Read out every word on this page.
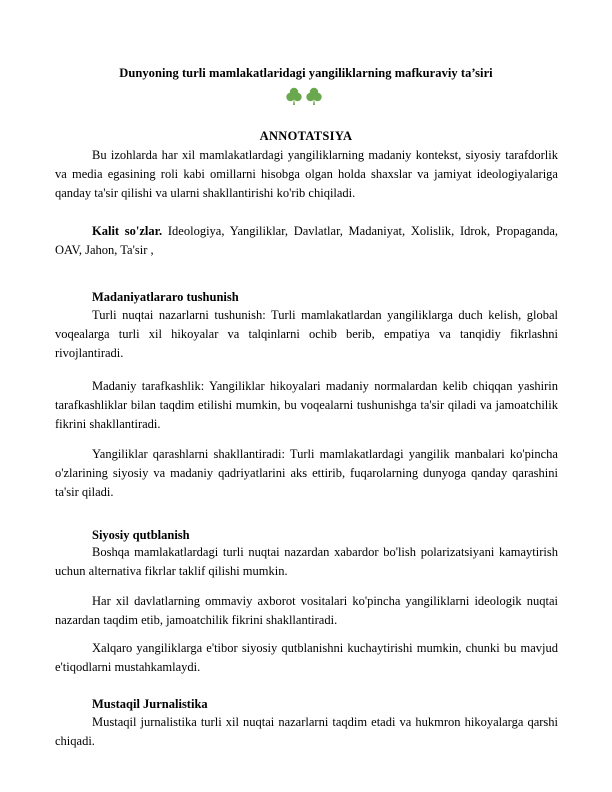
Dunyoning turli mamlakatlaridagi yangiliklarning mafkuraviy ta’siri
ANNOTATSIYA

Bu izohlarda har xil mamlakatlardagi yangiliklarning madaniy kontekst, siyosiy tarafdorlik va media egasining roli kabi omillarni hisobga olgan holda shaxslar va jamiyat ideologiyalariga qanday ta'sir qilishi va ularni shakllantirishi ko'rib chiqiladi.

Kalit so'zlar. Ideologiya, Yangiliklar, Davlatlar, Madaniyat, Xolislik, Idrok, Propaganda, OAV, Jahon, Ta'sir ,

Madaniyatlararo tushunish

Turli nuqtai nazarlarni tushunish: Turli mamlakatlardan yangiliklarga duch kelish, global voqealarga turli xil hikoyalar va talqinlarni ochib berib, empatiya va tanqidiy fikrlashni rivojlantiradi.

Madaniy tarafkashlik: Yangiliklar hikoyalari madaniy normalardan kelib chiqqan yashirin tarafkashliklar bilan taqdim etilishi mumkin, bu voqealarni tushunishga ta'sir qiladi va jamoatchilik fikrini shakllantiradi.

Yangiliklar qarashlarni shakllantiradi: Turli mamlakatlardagi yangilik manbalari ko'pincha o'zlarining siyosiy va madaniy qadriyatlarini aks ettirib, fuqarolarning dunyoga qanday qarashini ta'sir qiladi.

Siyosiy qutblanish

Boshqa mamlakatlardagi turli nuqtai nazardan xabardor bo'lish polarizatsiyani kamaytirish uchun alternativa fikrlar taklif qilishi mumkin.

Har xil davlatlarning ommaviy axborot vositalari ko'pincha yangiliklarni ideologik nuqtai nazardan taqdim etib, jamoatchilik fikrini shakllantiradi.

Xalqaro yangiliklarga e'tibor siyosiy qutblanishni kuchaytirishi mumkin, chunki bu mavjud e'tiqodlarni mustahkamlaydi.

Mustaqil Jurnalistika

Mustaqil jurnalistika turli xil nuqtai nazarlarni taqdim etadi va hukmron hikoyalarga qarshi chiqadi.
